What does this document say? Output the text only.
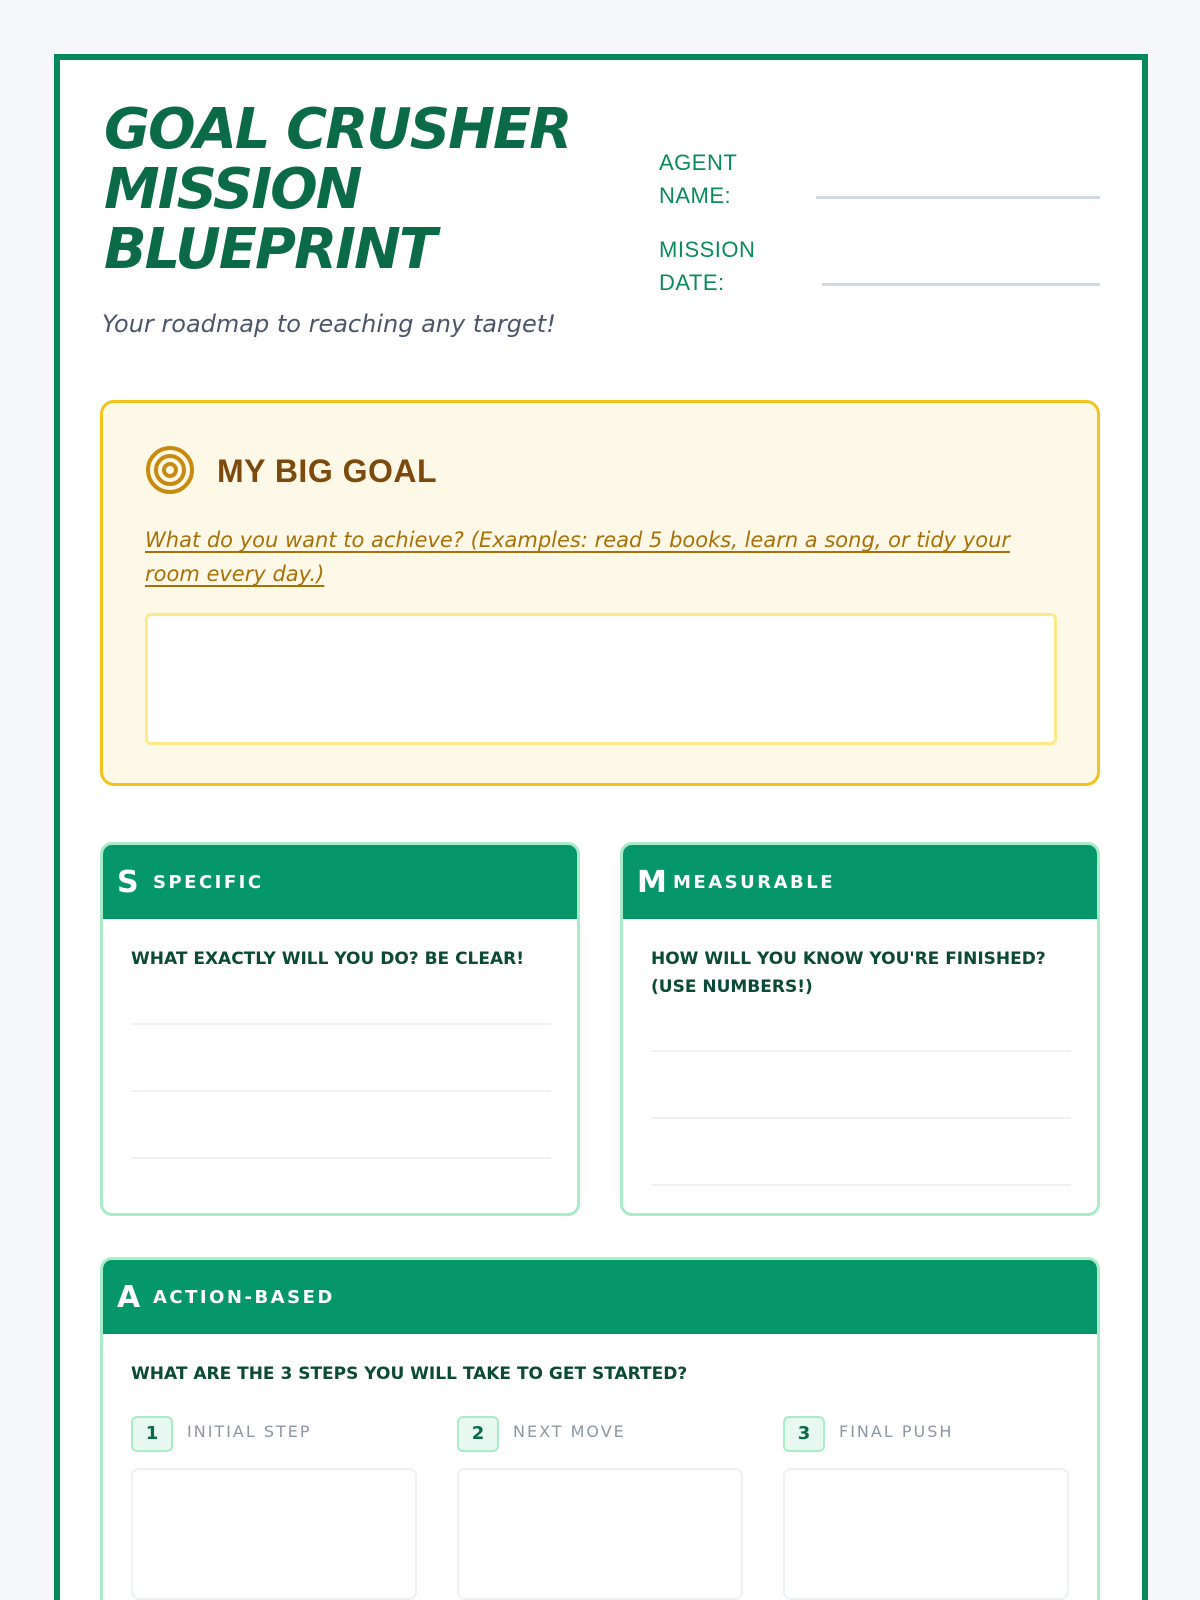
GOAL CRUSHER MISSION BLUEPRINT
Your roadmap to reaching any target!
AGENT NAME:
MISSION DATE:
MY BIG GOAL
What do you want to achieve? (Examples: read 5 books, learn a song, or tidy your room every day.)
S SPECIFIC
WHAT EXACTLY WILL YOU DO? BE CLEAR!
M MEASURABLE
HOW WILL YOU KNOW YOU'RE FINISHED? (USE NUMBERS!)
A ACTION-BASED
WHAT ARE THE 3 STEPS YOU WILL TAKE TO GET STARTED?
1	INITIAL STEP	2	NEXT MOVE	3	FINAL PUSH
